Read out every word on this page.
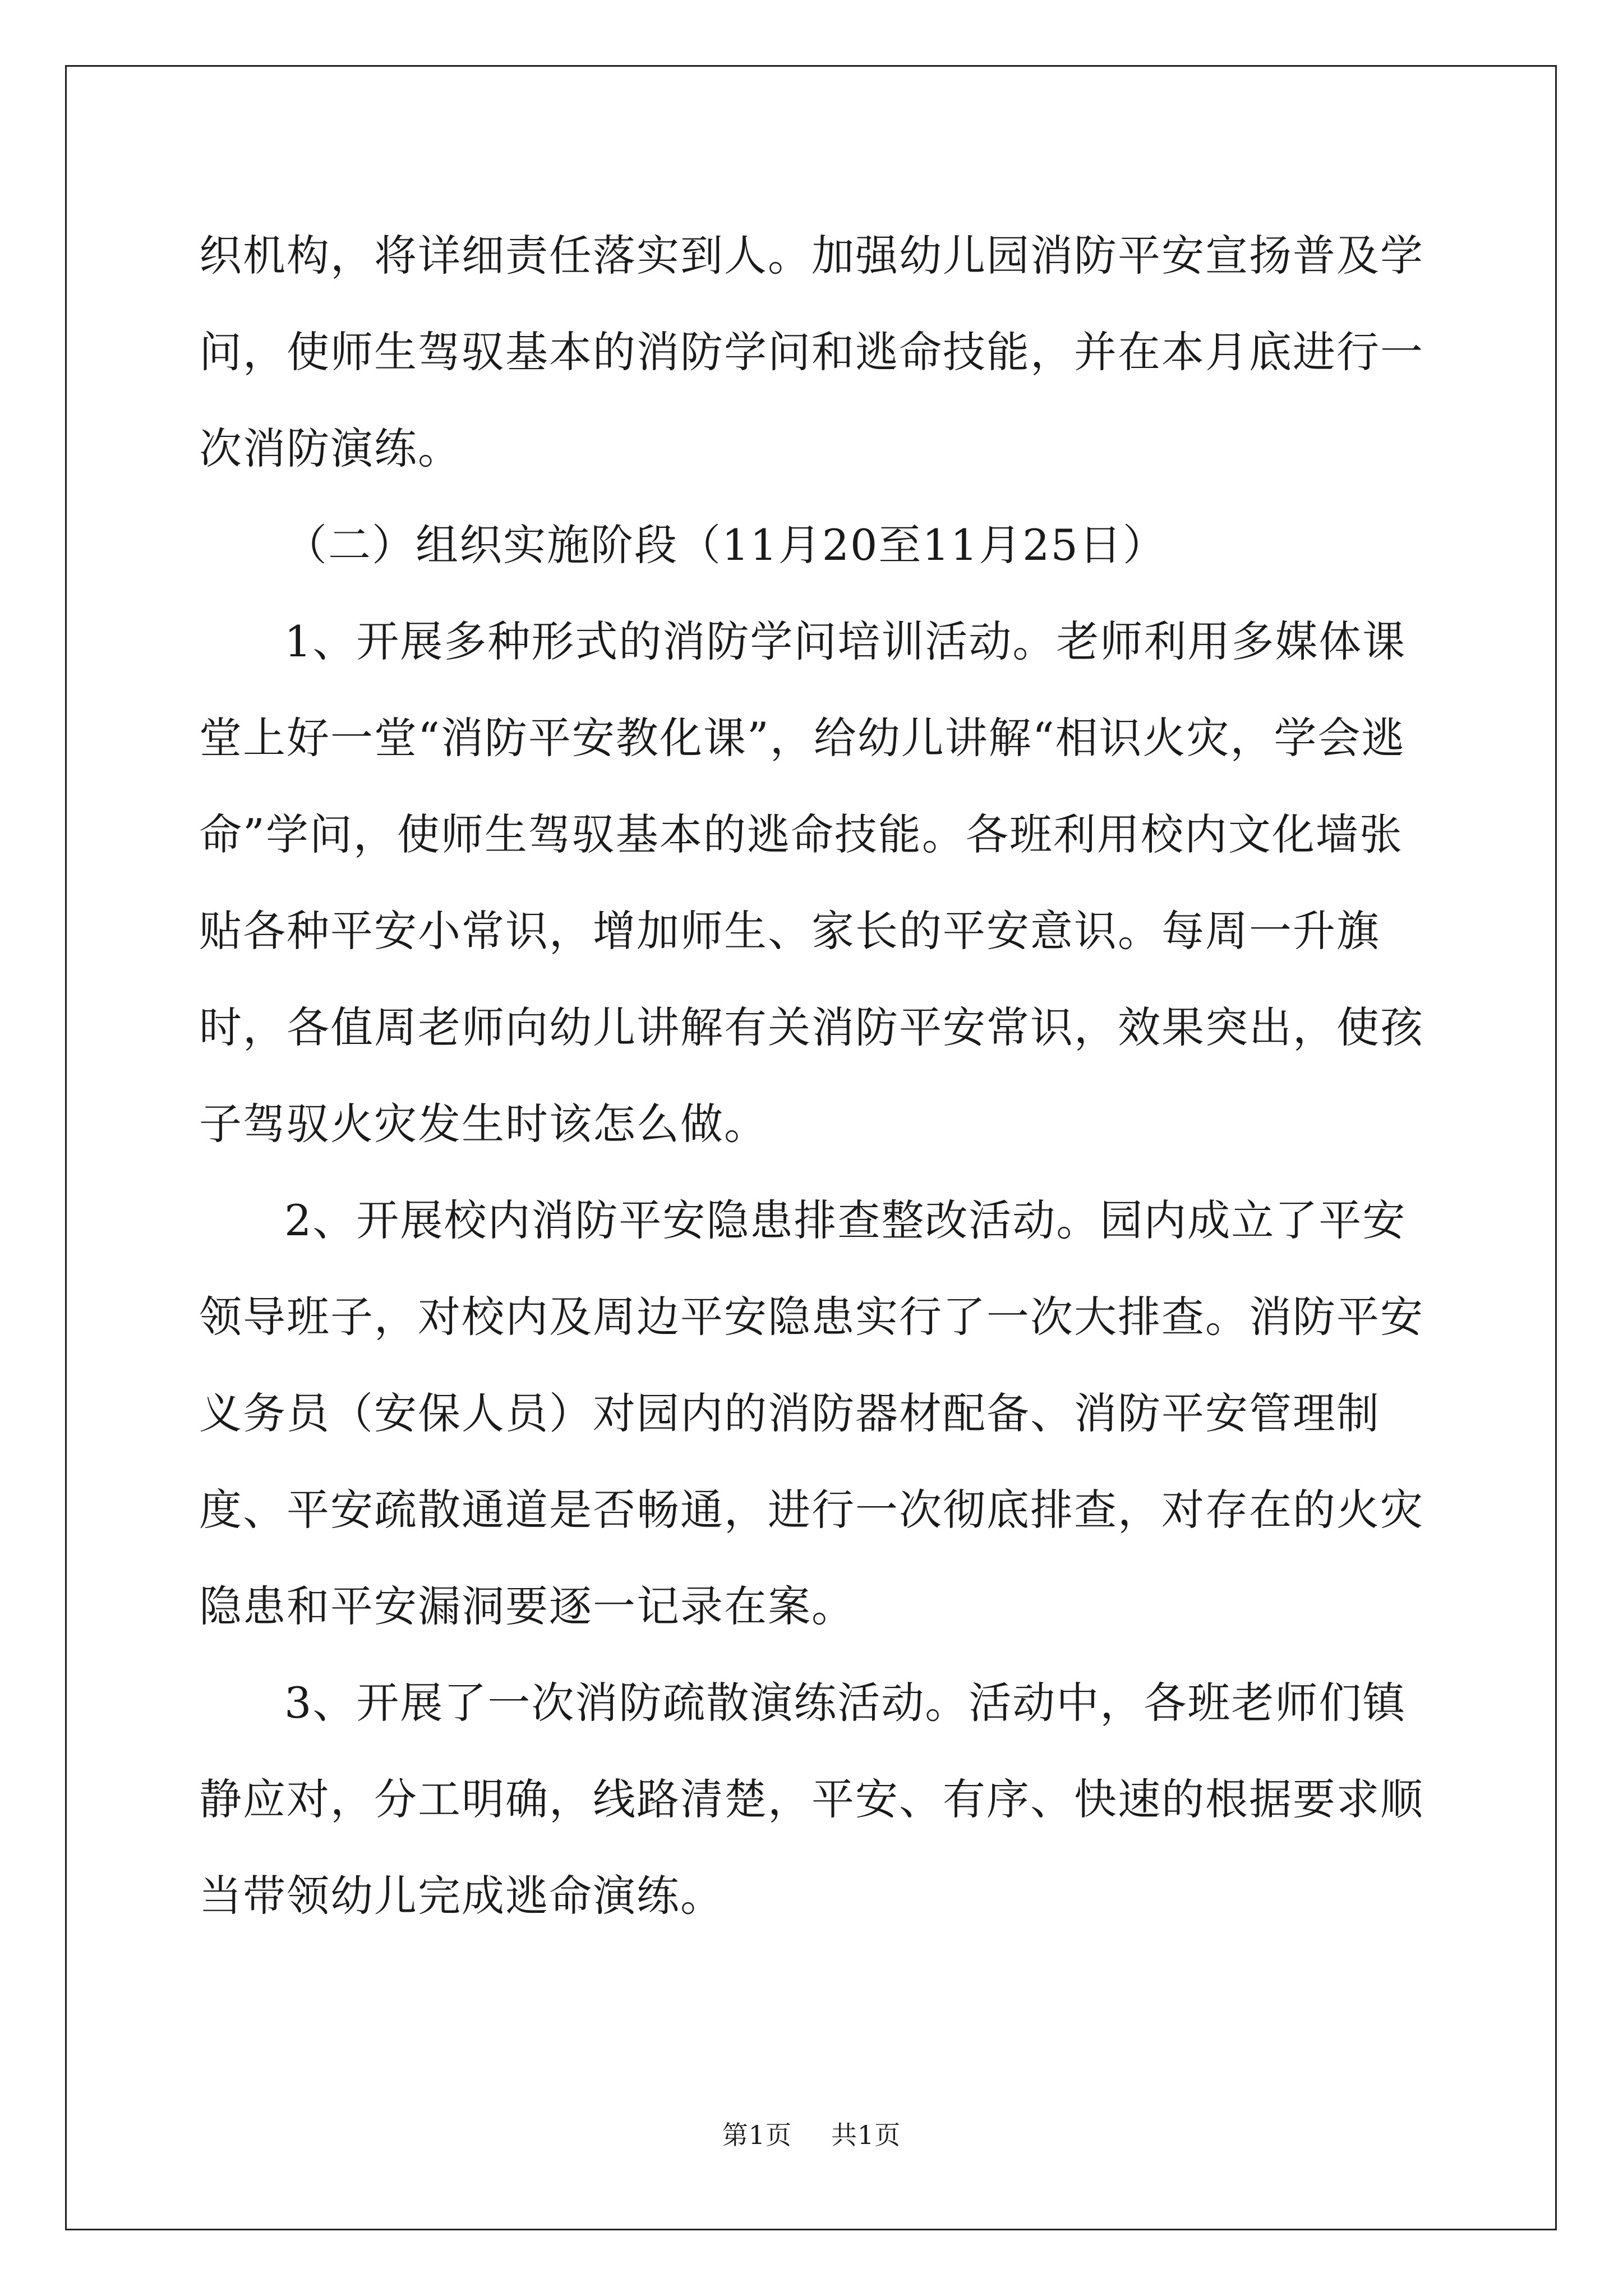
织机构，将详细责任落实到人。加强幼儿园消防平安宣扬普及学问，使师生驾驭基本的消防学问和逃命技能，并在本月底进行一次消防演练。

（二）组织实施阶段（11月20至11月25日）

1、开展多种形式的消防学问培训活动。老师利用多媒体课堂上好一堂“消防平安教化课”，给幼儿讲解“相识火灾，学会逃命”学问，使师生驾驭基本的逃命技能。各班利用校内文化墙张贴各种平安小常识，增加师生、家长的平安意识。每周一升旗时，各值周老师向幼儿讲解有关消防平安常识，效果突出，使孩子驾驭火灾发生时该怎么做。

2、开展校内消防平安隐患排查整改活动。园内成立了平安领导班子，对校内及周边平安隐患实行了一次大排查。消防平安义务员（安保人员）对园内的消防器材配备、消防平安管理制度、平安疏散通道是否畅通，进行一次彻底排查，对存在的火灾隐患和平安漏洞要逐一记录在案。

3、开展了一次消防疏散演练活动。活动中，各班老师们镇静应对，分工明确，线路清楚，平安、有序、快速的根据要求顺当带领幼儿完成逃命演练。

第1页 共1页
